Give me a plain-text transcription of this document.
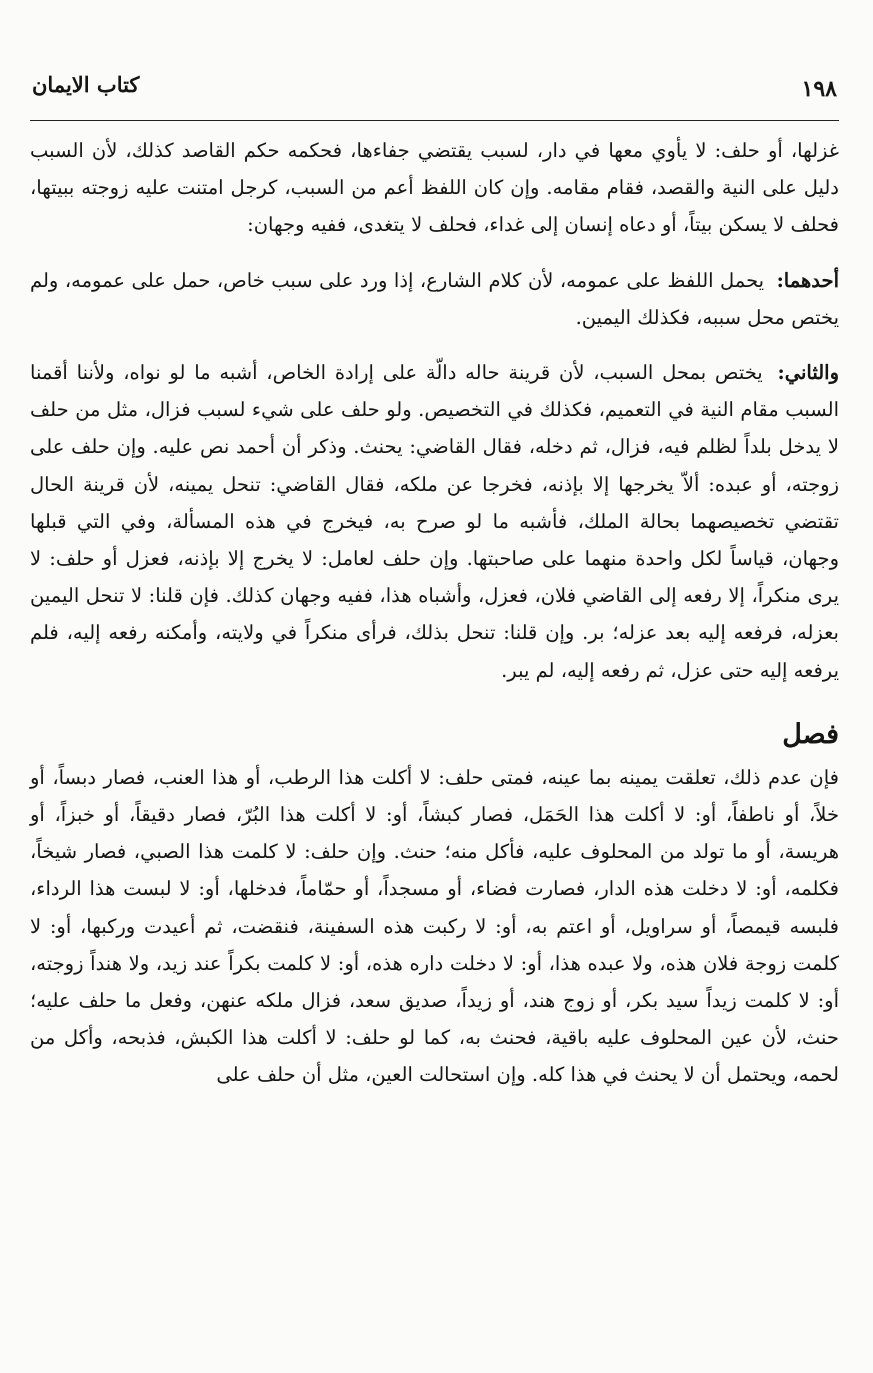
كتاب الايمان	١٩٨

غزلها، أو حلف: لا يأوي معها في دار، لسبب يقتضي جفاءها، فحكمه حكم القاصد كذلك، لأن السبب دليل على النية والقصد، فقام مقامه. وإن كان اللفظ أعم من السبب، كرجل امتنت عليه زوجته ببيتها، فحلف لا يسكن بيتاً، أو دعاه إنسان إلى غداء، فحلف لا يتغدى، ففيه وجهان:

أحدهما: يحمل اللفظ على عمومه، لأن كلام الشارع، إذا ورد على سبب خاص، حمل على عمومه، ولم يختص محل سببه، فكذلك اليمين.

والثاني: يختص بمحل السبب، لأن قرينة حاله دالّة على إرادة الخاص، أشبه ما لو نواه، ولأننا أقمنا السبب مقام النية في التعميم، فكذلك في التخصيص. ولو حلف على شيء لسبب فزال، مثل من حلف لا يدخل بلداً لظلم فيه، فزال، ثم دخله، فقال القاضي: يحنث. وذكر أن أحمد نص عليه. وإن حلف على زوجته، أو عبده: ألاّ يخرجها إلا بإذنه، فخرجا عن ملكه، فقال القاضي: تنحل يمينه، لأن قرينة الحال تقتضي تخصيصهما بحالة الملك، فأشبه ما لو صرح به، فيخرج في هذه المسألة، وفي التي قبلها وجهان، قياساً لكل واحدة منهما على صاحبتها. وإن حلف لعامل: لا يخرج إلا بإذنه، فعزل أو حلف: لا يرى منكراً، إلا رفعه إلى القاضي فلان، فعزل، وأشباه هذا، ففيه وجهان كذلك. فإن قلنا: لا تنحل اليمين بعزله، فرفعه إليه بعد عزله؛ بر. وإن قلنا: تنحل بذلك، فرأى منكراً في ولايته، وأمكنه رفعه إليه، فلم يرفعه إليه حتى عزل، ثم رفعه إليه، لم يبر.

فصل

فإن عدم ذلك، تعلقت يمينه بما عينه، فمتى حلف: لا أكلت هذا الرطب، أو هذا العنب، فصار دبساً، أو خلاً، أو ناطفاً، أو: لا أكلت هذا الحَمَل، فصار كبشاً، أو: لا أكلت هذا البُرّ، فصار دقيقاً، أو خبزاً، أو هريسة، أو ما تولد من المحلوف عليه، فأكل منه؛ حنث. وإن حلف: لا كلمت هذا الصبي، فصار شيخاً، فكلمه، أو: لا دخلت هذه الدار، فصارت فضاء، أو مسجداً، أو حمّاماً، فدخلها، أو: لا لبست هذا الرداء، فلبسه قيمصاً، أو سراويل، أو اعتم به، أو: لا ركبت هذه السفينة، فنقضت، ثم أعيدت وركبها، أو: لا كلمت زوجة فلان هذه، ولا عبده هذا، أو: لا دخلت داره هذه، أو: لا كلمت بكراً عند زيد، ولا هنداً زوجته، أو: لا كلمت زيداً سيد بكر، أو زوج هند، أو زيداً، صديق سعد، فزال ملكه عنهن، وفعل ما حلف عليه؛ حنث، لأن عين المحلوف عليه باقية، فحنث به، كما لو حلف: لا أكلت هذا الكبش، فذبحه، وأكل من لحمه، ويحتمل أن لا يحنث في هذا كله. وإن استحالت العين، مثل أن حلف على
